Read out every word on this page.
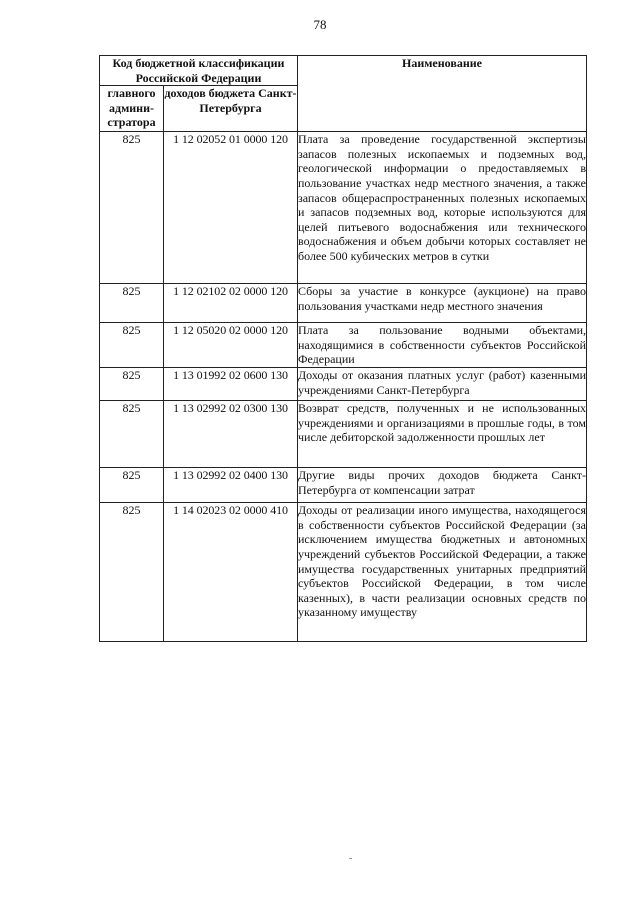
78
Код бюджетной классификации Российской Федерации		Наименование
главного админи-стратора	доходов бюджета Санкт-Петербурга	
825	1 12 02052 01 0000 120	Плата за проведение государственной экспертизы запасов полезных ископаемых и подземных вод, геологической информации о предоставляемых в пользование участках недр местного значения, а также запасов общераспространенных полезных ископаемых и запасов подземных вод, которые используются для целей питьевого водоснабжения или технического водоснабжения и объем добычи которых составляет не более 500 кубических метров в сутки
825	1 12 02102 02 0000 120	Сборы за участие в конкурсе (аукционе) на право пользования участками недр местного значения
825	1 12 05020 02 0000 120	Плата за пользование водными объектами, находящимися в собственности субъектов Российской Федерации
825	1 13 01992 02 0600 130	Доходы от оказания платных услуг (работ) казенными учреждениями Санкт-Петербурга
825	1 13 02992 02 0300 130	Возврат средств, полученных и не использованных учреждениями и организациями в прошлые годы, в том числе дебиторской задолженности прошлых лет
825	1 13 02992 02 0400 130	Другие виды прочих доходов бюджета Санкт-Петербурга от компенсации затрат
825	1 14 02023 02 0000 410	Доходы от реализации иного имущества, находящегося в собственности субъектов Российской Федерации (за исключением имущества бюджетных и автономных учреждений субъектов Российской Федерации, а также имущества государственных унитарных предприятий субъектов Российской Федерации, в том числе казенных), в части реализации основных средств по указанному имуществу
